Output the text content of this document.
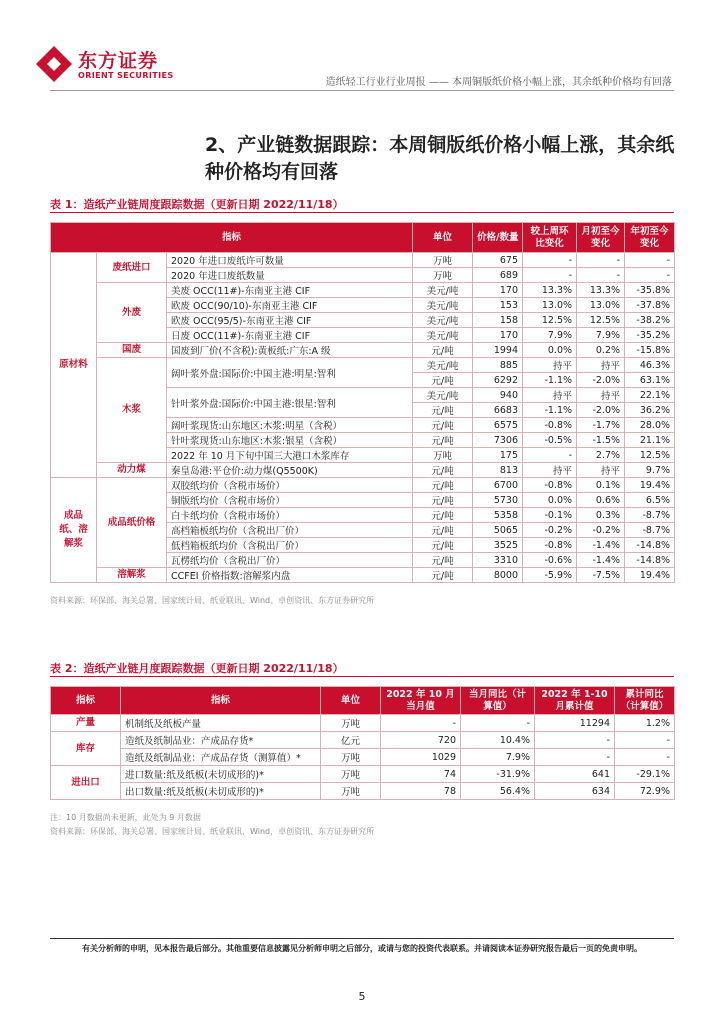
东方证券
ORIENT SECURITIES
造纸轻工行业行业周报 —— 本周铜版纸价格小幅上涨，其余纸种价格均有回落
2、产业链数据跟踪：本周铜版纸价格小幅上涨，其余纸种价格均有回落
表 1：造纸产业链周度跟踪数据（更新日期 2022/11/18）
指标			单位	价格/数量	较上周环比变化	月初至今变化	年初至今变化
原材料	废纸进口	2020 年进口废纸许可数量	万吨	675	-	-	-
		2020 年进口废纸数量	万吨	689	-	-	-
	外废	美废 OCC(11#)-东南亚主港 CIF	美元/吨	170	13.3%	13.3%	-35.8%
		欧废 OCC(90/10)-东南亚主港 CIF	美元/吨	153	13.0%	13.0%	-37.8%
		欧废 OCC(95/5)-东南亚主港 CIF	美元/吨	158	12.5%	12.5%	-38.2%
		日废 OCC(11#)-东南亚主港 CIF	美元/吨	170	7.9%	7.9%	-35.2%
	国废	国废到厂价(不含税):黄板纸:广东:A 级	元/吨	1994	0.0%	0.2%	-15.8%
	木浆	阔叶浆外盘:国际价:中国主港:明星:智利	美元/吨	885	持平	持平	46.3%
			元/吨	6292	-1.1%	-2.0%	63.1%
		针叶浆外盘:国际价:中国主港:银星:智利	美元/吨	940	持平	持平	22.1%
			元/吨	6683	-1.1%	-2.0%	36.2%
		阔叶浆现货:山东地区:木浆:明星（含税）	元/吨	6575	-0.8%	-1.7%	28.0%
		针叶浆现货:山东地区:木浆:银星（含税）	元/吨	7306	-0.5%	-1.5%	21.1%
		2022 年 10 月下旬中国三大港口木浆库存	万吨	175	-	2.7%	12.5%
	动力煤	秦皇岛港:平仓价:动力煤(Q5500K)	元/吨	813	持平	持平	9.7%
成品纸、溶解浆	成品纸价格	双胶纸均价（含税市场价）	元/吨	6700	-0.8%	0.1%	19.4%
		铜版纸均价（含税市场价）	元/吨	5730	0.0%	0.6%	6.5%
		白卡纸均价（含税市场价）	元/吨	5358	-0.1%	0.3%	-8.7%
		高档箱板纸均价（含税出厂价）	元/吨	5065	-0.2%	-0.2%	-8.7%
		低档箱板纸均价（含税出厂价）	元/吨	3525	-0.8%	-1.4%	-14.8%
		瓦楞纸均价（含税出厂价）	元/吨	3310	-0.6%	-1.4%	-14.8%
	溶解浆	CCFEI 价格指数:溶解浆内盘	元/吨	8000	-5.9%	-7.5%	19.4%
资料来源：环保部、海关总署、国家统计局、纸业联讯、Wind、卓创资讯、东方证券研究所
表 2：造纸产业链月度跟踪数据（更新日期 2022/11/18）
指标	指标	单位	2022 年 10 月当月值	当月同比（计算值）	2022 年 1-10 月累计值	累计同比（计算值）
产量	机制纸及纸板产量	万吨	-	-	11294	1.2%
库存	造纸及纸制品业：产成品存货*	亿元	720	10.4%	-	-
	造纸及纸制品业：产成品存货（测算值）*	万吨	1029	7.9%	-	-
进出口	进口数量:纸及纸板(未切成形的)*	万吨	74	-31.9%	641	-29.1%
	出口数量:纸及纸板(未切成形的)*	万吨	78	56.4%	634	72.9%
注：10 月数据尚未更新，此处为 9 月数据
资料来源：环保部、海关总署、国家统计局、纸业联讯、Wind，卓创资讯、东方证券研究所
有关分析师的申明，见本报告最后部分。其他重要信息披露见分析师申明之后部分，或请与您的投资代表联系。并请阅读本证券研究报告最后一页的免责申明。
5
